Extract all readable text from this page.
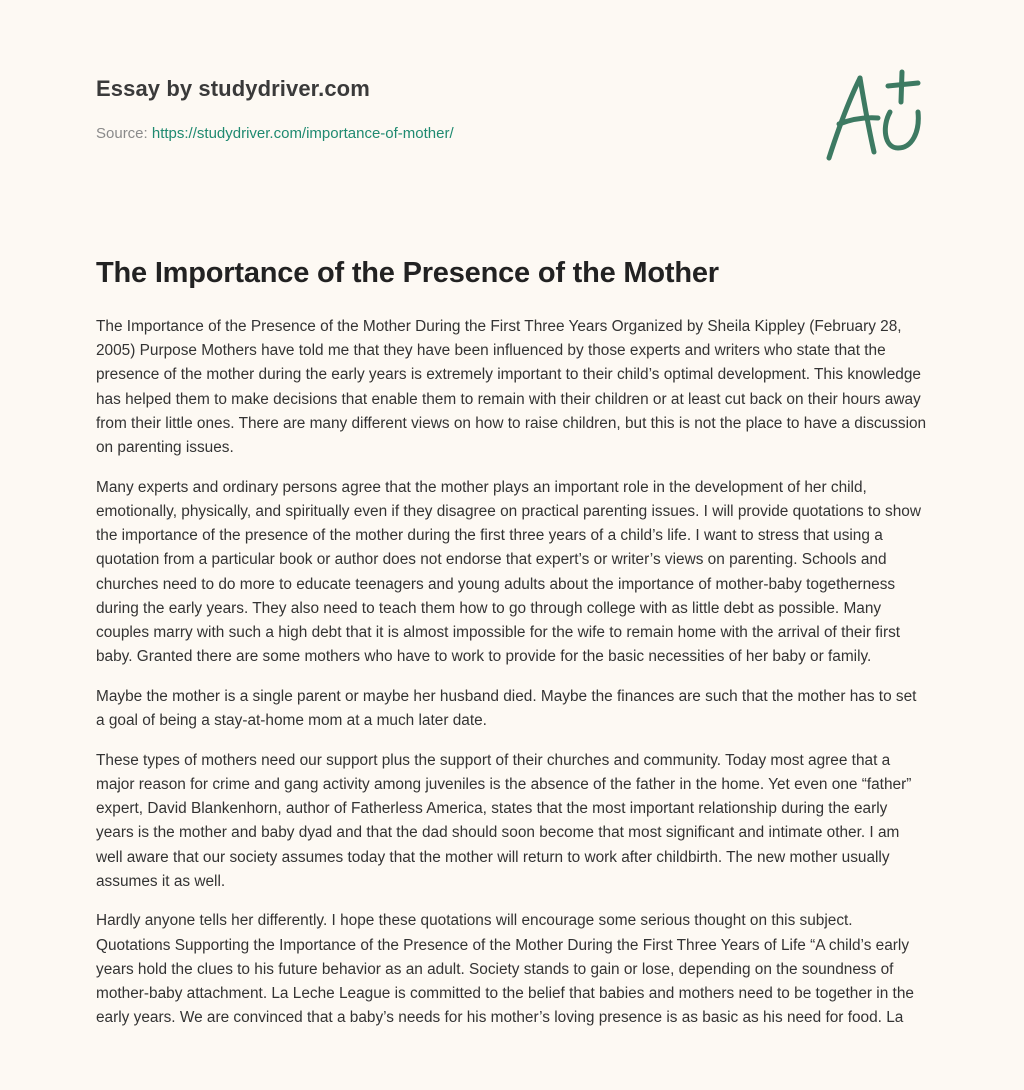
Essay by studydriver.com
Source: https://studydriver.com/importance-of-mother/
The Importance of the Presence of the Mother

The Importance of the Presence of the Mother During the First Three Years Organized by Sheila Kippley (February 28, 2005) Purpose Mothers have told me that they have been influenced by those experts and writers who state that the presence of the mother during the early years is extremely important to their child’s optimal development. This knowledge has helped them to make decisions that enable them to remain with their children or at least cut back on their hours away from their little ones. There are many different views on how to raise children, but this is not the place to have a discussion on parenting issues.

Many experts and ordinary persons agree that the mother plays an important role in the development of her child, emotionally, physically, and spiritually even if they disagree on practical parenting issues. I will provide quotations to show the importance of the presence of the mother during the first three years of a child’s life. I want to stress that using a quotation from a particular book or author does not endorse that expert’s or writer’s views on parenting. Schools and churches need to do more to educate teenagers and young adults about the importance of mother-baby togetherness during the early years. They also need to teach them how to go through college with as little debt as possible. Many couples marry with such a high debt that it is almost impossible for the wife to remain home with the arrival of their first baby. Granted there are some mothers who have to work to provide for the basic necessities of her baby or family.

Maybe the mother is a single parent or maybe her husband died. Maybe the finances are such that the mother has to set a goal of being a stay-at-home mom at a much later date.

These types of mothers need our support plus the support of their churches and community. Today most agree that a major reason for crime and gang activity among juveniles is the absence of the father in the home. Yet even one “father” expert, David Blankenhorn, author of Fatherless America, states that the most important relationship during the early years is the mother and baby dyad and that the dad should soon become that most significant and intimate other. I am well aware that our society assumes today that the mother will return to work after childbirth. The new mother usually assumes it as well.

Hardly anyone tells her differently. I hope these quotations will encourage some serious thought on this subject. Quotations Supporting the Importance of the Presence of the Mother During the First Three Years of Life “A child’s early years hold the clues to his future behavior as an adult. Society stands to gain or lose, depending on the soundness of mother-baby attachment. La Leche League is committed to the belief that babies and mothers need to be together in the early years. We are convinced that a baby’s needs for his mother’s loving presence is as basic as his need for food. La
